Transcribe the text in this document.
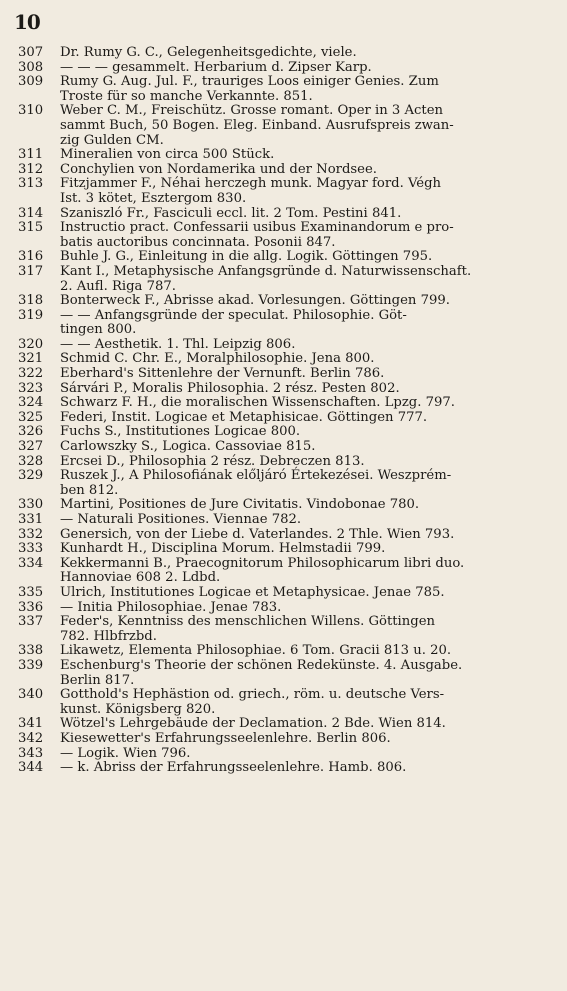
10
307	Dr. Rumy G. C., Gelegenheitsgedichte, viele.
308	— — — gesammelt. Herbarium d. Zipser Karp.
309	Rumy G. Aug. Jul. F., trauriges Loos einiger Genies. Zum
Troste für so manche Verkannte. 851.
310	Weber C. M., Freischütz. Grosse romant. Oper in 3 Acten
sammt Buch, 50 Bogen. Eleg. Einband. Ausrufspreis zwan-
zig Gulden CM.
311	Mineralien von circa 500 Stück.
312	Conchylien von Nordamerika und der Nordsee.
313	Fitzjammer F., Néhai herczegh munk. Magyar ford. Végh
Ist. 3 kötet, Esztergom 830.
314	Szaniszló Fr., Fasciculi eccl. lit. 2 Tom. Pestini 841.
315	Instructio pract. Confessarii usibus Examinandorum e pro-
batis auctoribus concinnata. Posonii 847.
316	Buhle J. G., Einleitung in die allg. Logik. Göttingen 795.
317	Kant I., Metaphysische Anfangsgründe d. Naturwissenschaft.
2. Aufl. Riga 787.
318	Bonterweck F., Abrisse akad. Vorlesungen. Göttingen 799.
319	— — Anfangsgründe der speculat. Philosophie. Göt-
tingen 800.
320	— — Aesthetik. 1. Thl. Leipzig 806.
321	Schmid C. Chr. E., Moralphilosophie. Jena 800.
322	Eberhard's Sittenlehre der Vernunft. Berlin 786.
323	Sárvári P., Moralis Philosophia. 2 rész. Pesten 802.
324	Schwarz F. H., die moralischen Wissenschaften. Lpzg. 797.
325	Federi, Instit. Logicae et Metaphisicae. Göttingen 777.
326	Fuchs S., Institutiones Logicae 800.
327	Carlowszky S., Logica. Cassoviae 815.
328	Ercsei D., Philosophia 2 rész. Debreczen 813.
329	Ruszek J., A Philosofiának előljáró Értekezései. Weszprém-
ben 812.
330	Martini, Positiones de Jure Civitatis. Vindobonae 780.
331	— Naturali Positiones. Viennae 782.
332	Genersich, von der Liebe d. Vaterlandes. 2 Thle. Wien 793.
333	Kunhardt H., Disciplina Morum. Helmstadii 799.
334	Kekkermanni B., Praecognitorum Philosophicarum libri duo.
Hannoviae 608 2. Ldbd.
335	Ulrich, Institutiones Logicae et Metaphysicae. Jenae 785.
336	— Initia Philosophiae. Jenae 783.
337	Feder's, Kenntniss des menschlichen Willens. Göttingen
782. Hlbfrzbd.
338	Likawetz, Elementa Philosophiae. 6 Tom. Gracii 813 u. 20.
339	Eschenburg's Theorie der schönen Redekünste. 4. Ausgabe.
Berlin 817.
340	Gotthold's Hephästion od. griech., röm. u. deutsche Vers-
kunst. Königsberg 820.
341	Wötzel's Lehrgebäude der Declamation. 2 Bde. Wien 814.
342	Kiesewetter's Erfahrungsseelenlehre. Berlin 806.
343	— Logik. Wien 796.
344	— k. Abriss der Erfahrungsseelenlehre. Hamb. 806.
